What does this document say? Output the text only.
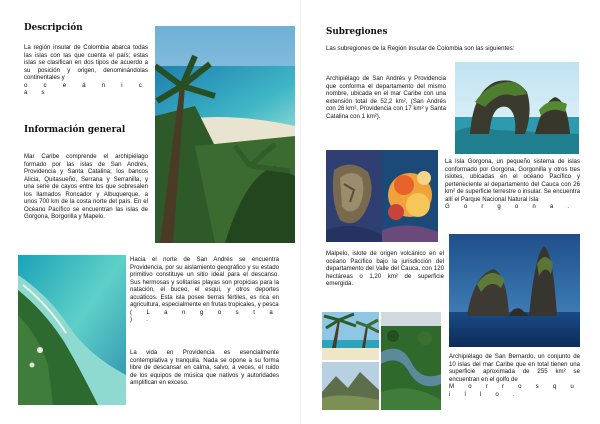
Descripción
La región insular de Colombia abarca todas las islas con las que cuenta el país; estas islas se clasifican en dos tipos de acuerdo a su posición y origen, denominándolas continentales y
o c e á n i c a s
Información general
Mar Caribe comprende el archipiélago formado por las islas de San Andrés, Providencia y Santa Catalina; los bancos Alicia, Quitasueño, Serrana y Serranilla, y una serie de cayos entre los que sobresalen los llamados Roncador y Albuquerque, a unos 700 km de la costa norte del país. En el Océano Pacífico se encuentran las islas de Gorgona, Borgorilla y Mapelo.
Hacia el norte de San Andrés se encuentra Providencia, por su aislamiento geográfico y su estado primitivo constituye un sitio ideal para el descanso. Sus hermosas y solitarias playas son propicias para la natación, el buceo, el esquí, y otros deportes acuáticos. Esta isla posee tierras fértiles, es rica en agricultura, especialmente en frutas tropicales, y pesca
( L a n g o s t a ) .
La vida en Providencia es esencialmente contemplativa y tranquila. Nada se opone a su forma libre de descansar en calma, salvo, a veces, el ruido de los equipos de música que nativos y autoridades amplifican en exceso.
Subregiones
Las subregiones de la Región Insular de Colombia son las siguientes:
Archipiélago de San Andrés y Providencia que conforma el departamento del mismo nombre, ubicada en el mar Caribe con una extensión total de 52,2 km², (San Andrés con 26 km², Providencia con 17 km² y Santa Catalina con 1 km²).
La Isla Gorgona, un pequeño sistema de islas conformado por Gorgona, Gorgonilla y otros tres islotes, ubicadas en el océano Pacífico y perteneciente al departamento del Cauca con 26 km² de superficie terrestre o insular. Se encuentra allí el Parque Nacional Natural Isla
G o r g o n a .
Malpelo, islote de origen volcánico en el océano Pacífico bajo la jurisdicción del departamento del Valle del Cauca, con 120 hectáreas o 1,20 km² de superficie emergida.
Archipiélago de San Bernardo, un conjunto de 10 islas del mar Caribe que en total tienen una superficie aproximada de 255 km² se encuentran en el golfo de
M o r r o s q u i l l o .
